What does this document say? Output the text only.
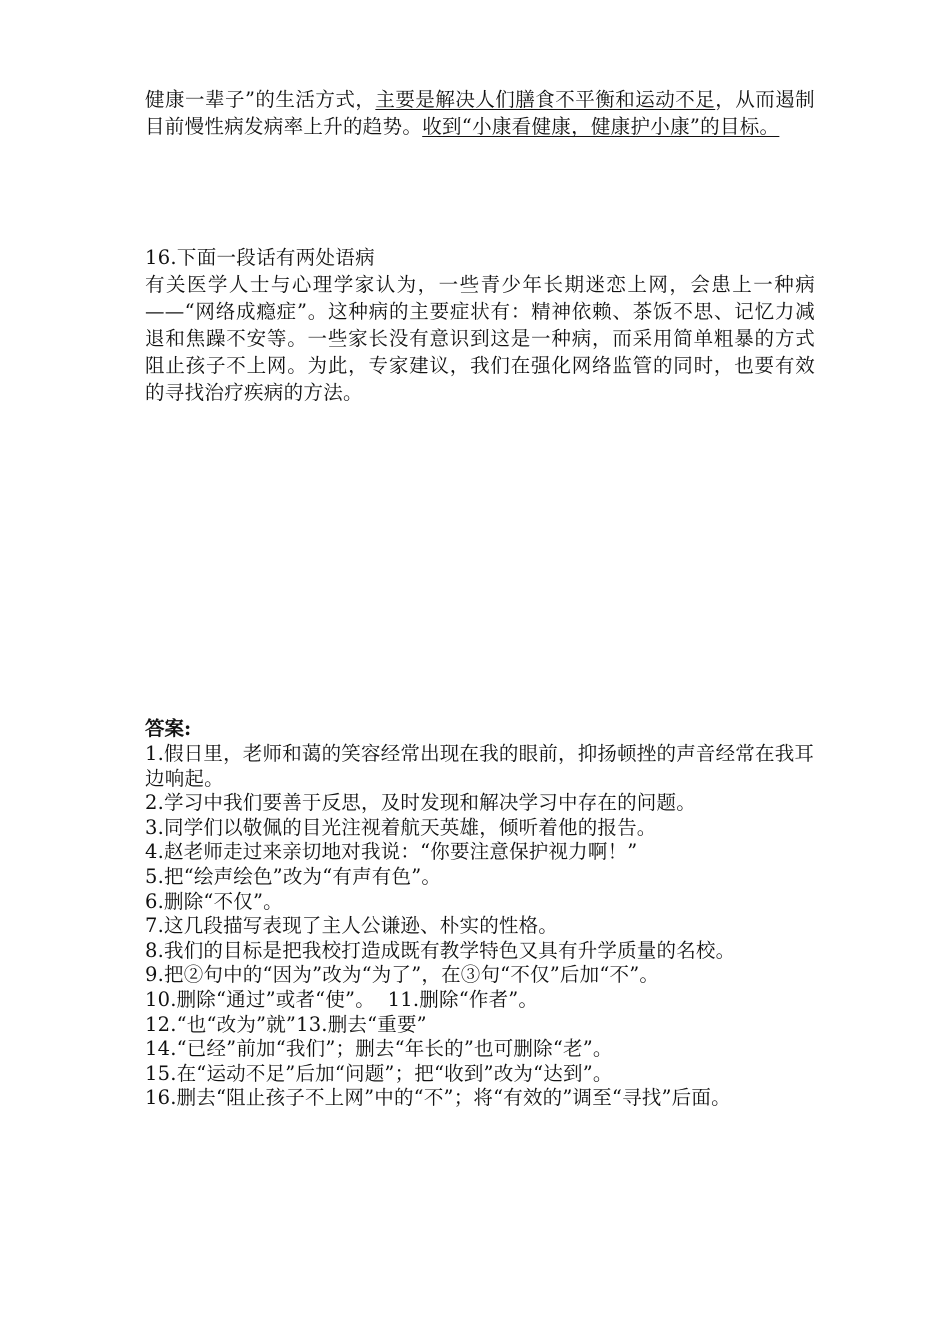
健康一辈子”的生活方式，主要是解决人们膳食不平衡和运动不足，从而遏制目前慢性病发病率上升的趋势。收到“小康看健康，健康护小康”的目标。

16.下面一段话有两处语病

有关医学人士与心理学家认为，一些青少年长期迷恋上网，会患上一种病——“网络成瘾症”。这种病的主要症状有：精神依赖、茶饭不思、记忆力减退和焦躁不安等。一些家长没有意识到这是一种病，而采用简单粗暴的方式阻止孩子不上网。为此，专家建议，我们在强化网络监管的同时，也要有效的寻找治疗疾病的方法。

答案:

1.假日里，老师和蔼的笑容经常出现在我的眼前，抑扬顿挫的声音经常在我耳边响起。

2.学习中我们要善于反思，及时发现和解决学习中存在的问题。

3.同学们以敬佩的目光注视着航天英雄，倾听着他的报告。

4.赵老师走过来亲切地对我说：“你要注意保护视力啊！”

5.把“绘声绘色”改为“有声有色”。

6.删除“不仅”。

7.这几段描写表现了主人公谦逊、朴实的性格。

8.我们的目标是把我校打造成既有教学特色又具有升学质量的名校。

9.把②句中的“因为”改为“为了”，在③句“不仅”后加“不”。

10.删除“通过”或者“使”。  11.删除“作者”。

12.“也“改为”就”13.删去“重要”

14.“已经”前加“我们”；删去“年长的”也可删除“老”。

15.在“运动不足”后加“问题”；把“收到”改为“达到”。

16.删去“阻止孩子不上网”中的“不”；将“有效的”调至“寻找”后面。
